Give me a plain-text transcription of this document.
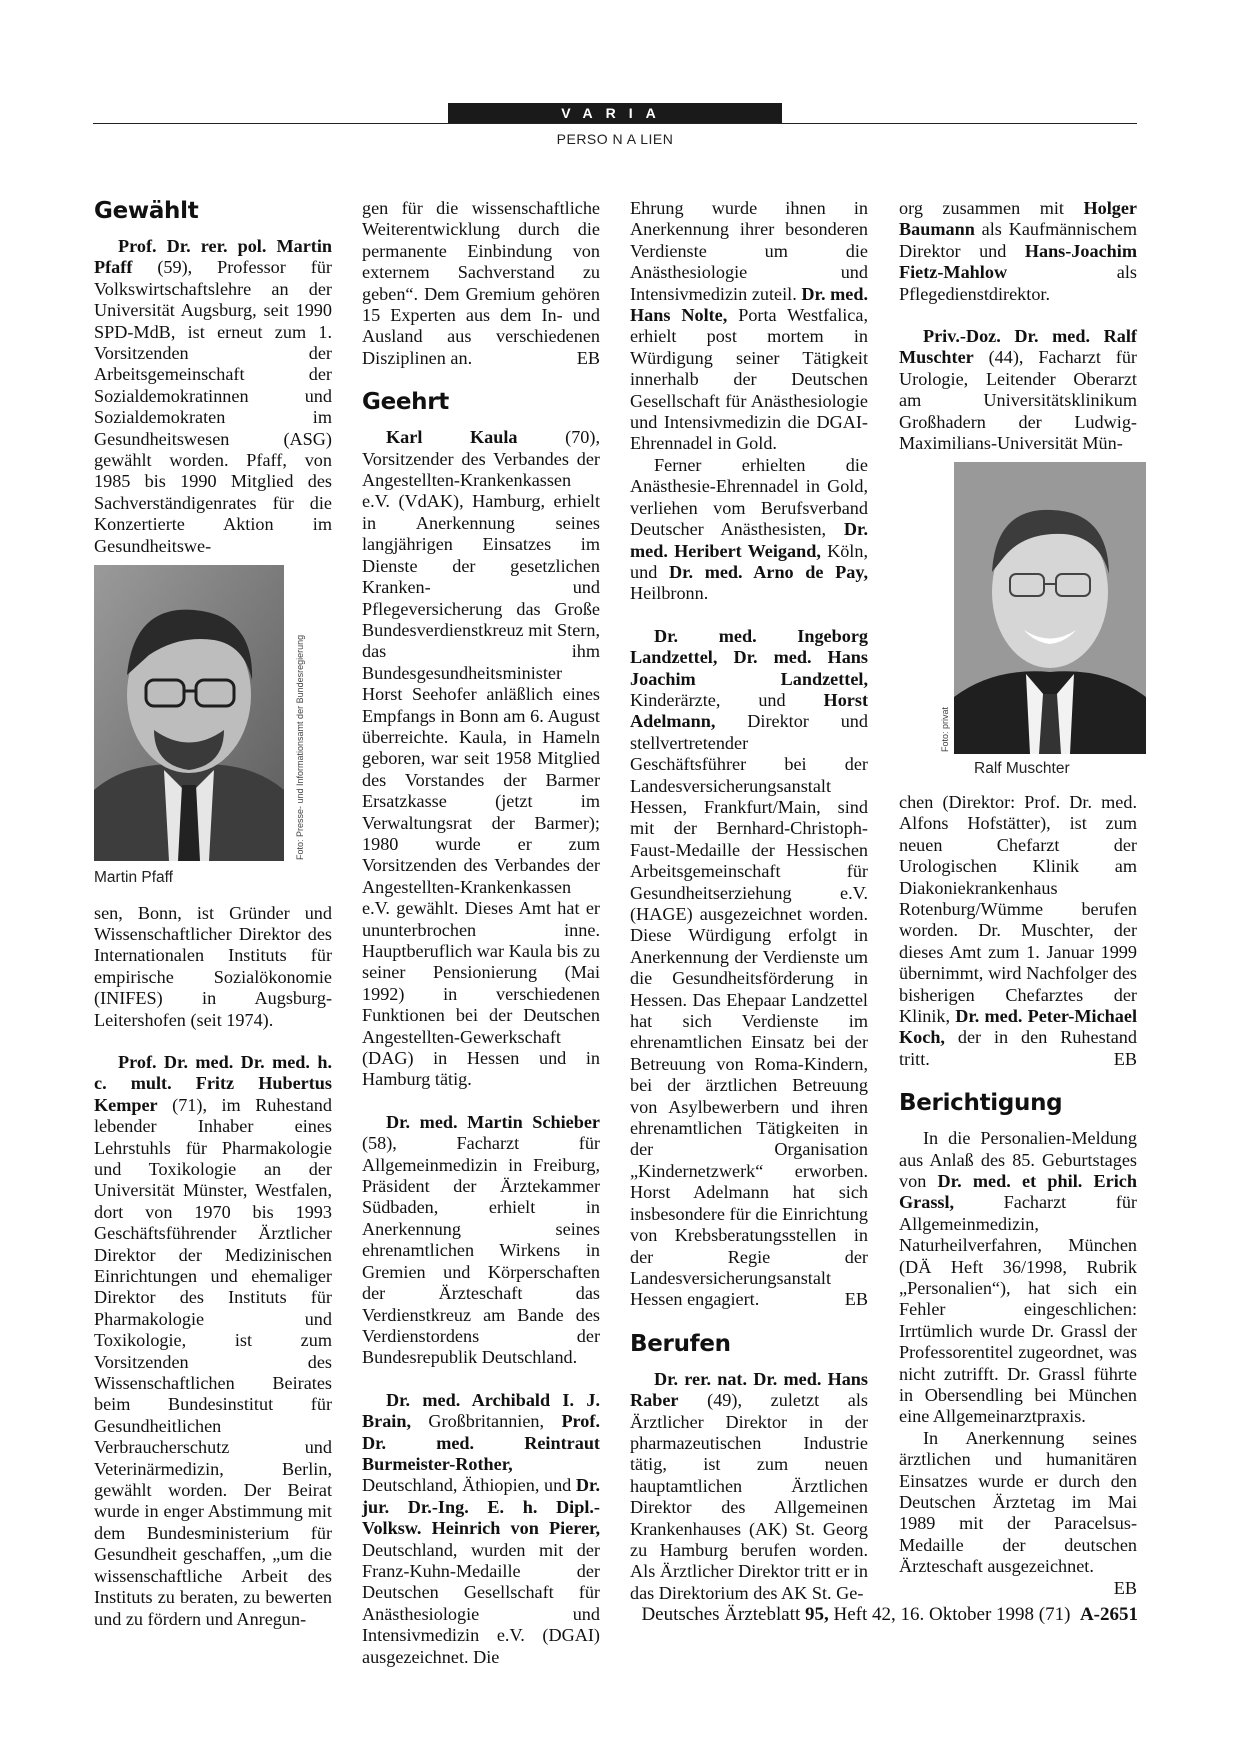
VARIA
PERSO N A LIEN
Gewählt

Prof. Dr. rer. pol. Martin Pfaff (59), Professor für Volkswirtschaftslehre an der Universität Augsburg, seit 1990 SPD-MdB, ist erneut zum 1. Vorsitzenden der Arbeitsgemeinschaft der Sozialdemokratinnen und Sozialdemokraten im Gesundheitswesen (ASG) gewählt worden. Pfaff, von 1985 bis 1990 Mitglied des Sachverständigenrates für die Konzertierte Aktion im Gesundheitswe-

Foto: Presse- und Informationsamt der Bundesregierung
Martin Pfaff

sen, Bonn, ist Gründer und Wissenschaftlicher Direktor des Internationalen Instituts für empirische Sozialökonomie (INIFES) in Augsburg-Leitershofen (seit 1974).

Prof. Dr. med. Dr. med. h. c. mult. Fritz Hubertus Kemper (71), im Ruhestand lebender Inhaber eines Lehrstuhls für Pharmakologie und Toxikologie an der Universität Münster, Westfalen, dort von 1970 bis 1993 Geschäftsführender Ärztlicher Direktor der Medizinischen Einrichtungen und ehemaliger Direktor des Instituts für Pharmakologie und Toxikologie, ist zum Vorsitzenden des Wissenschaftlichen Beirates beim Bundesinstitut für Gesundheitlichen Verbraucherschutz und Veterinärmedizin, Berlin, gewählt worden. Der Beirat wurde in enger Abstimmung mit dem Bundesministerium für Gesundheit geschaffen, „um die wissenschaftliche Arbeit des Instituts zu beraten, zu bewerten und zu fördern und Anregun-

gen für die wissenschaftliche Weiterentwicklung durch die permanente Einbindung von externem Sachverstand zu geben“. Dem Gremium gehören 15 Experten aus dem In- und Ausland aus verschiedenen Disziplinen an.	EB

Geehrt

Karl Kaula (70), Vorsitzender des Verbandes der Angestellten-Krankenkassen e.V. (VdAK), Hamburg, erhielt in Anerkennung seines langjährigen Einsatzes im Dienste der gesetzlichen Kranken- und Pflegeversicherung das Große Bundesverdienstkreuz mit Stern, das ihm Bundesgesundheitsminister Horst Seehofer anläßlich eines Empfangs in Bonn am 6. August überreichte. Kaula, in Hameln geboren, war seit 1958 Mitglied des Vorstandes der Barmer Ersatzkasse (jetzt im Verwaltungsrat der Barmer); 1980 wurde er zum Vorsitzenden des Verbandes der Angestellten-Krankenkassen e.V. gewählt. Dieses Amt hat er ununterbrochen inne. Hauptberuflich war Kaula bis zu seiner Pensionierung (Mai 1992) in verschiedenen Funktionen bei der Deutschen Angestellten-Gewerkschaft (DAG) in Hessen und in Hamburg tätig.

Dr. med. Martin Schieber (58), Facharzt für Allgemeinmedizin in Freiburg, Präsident der Ärztekammer Südbaden, erhielt in Anerkennung seines ehrenamtlichen Wirkens in Gremien und Körperschaften der Ärzteschaft das Verdienstkreuz am Bande des Verdienstordens der Bundesrepublik Deutschland.

Dr. med. Archibald I. J. Brain, Großbritannien, Prof. Dr. med. Reintraut Burmeister-Rother, Deutschland, Äthiopien, und Dr. jur. Dr.-Ing. E. h. Dipl.-Volksw. Heinrich von Pierer, Deutschland, wurden mit der Franz-Kuhn-Medaille der Deutschen Gesellschaft für Anästhesiologie und Intensivmedizin e.V. (DGAI) ausgezeichnet. Die

Ehrung wurde ihnen in Anerkennung ihrer besonderen Verdienste um die Anästhesiologie und Intensivmedizin zuteil. Dr. med. Hans Nolte, Porta Westfalica, erhielt post mortem in Würdigung seiner Tätigkeit innerhalb der Deutschen Gesellschaft für Anästhesiologie und Intensivmedizin die DGAI-Ehrennadel in Gold.

Ferner erhielten die Anästhesie-Ehrennadel in Gold, verliehen vom Berufsverband Deutscher Anästhesisten, Dr. med. Heribert Weigand, Köln, und Dr. med. Arno de Pay, Heilbronn.

Dr. med. Ingeborg Landzettel, Dr. med. Hans Joachim Landzettel, Kinderärzte, und Horst Adelmann, Direktor und stellvertretender Geschäftsführer bei der Landesversicherungsanstalt Hessen, Frankfurt/Main, sind mit der Bernhard-Christoph-Faust-Medaille der Hessischen Arbeitsgemeinschaft für Gesundheitserziehung e.V. (HAGE) ausgezeichnet worden. Diese Würdigung erfolgt in Anerkennung der Verdienste um die Gesundheitsförderung in Hessen. Das Ehepaar Landzettel hat sich Verdienste im ehrenamtlichen Einsatz bei der Betreuung von Roma-Kindern, bei der ärztlichen Betreuung von Asylbewerbern und ihren ehrenamtlichen Tätigkeiten in der Organisation „Kindernetzwerk“ erworben. Horst Adelmann hat sich insbesondere für die Einrichtung von Krebsberatungsstellen in der Regie der Landesversicherungsanstalt Hessen engagiert.	EB

Berufen

Dr. rer. nat. Dr. med. Hans Raber (49), zuletzt als Ärztlicher Direktor in der pharmazeutischen Industrie tätig, ist zum neuen hauptamtlichen Ärztlichen Direktor des Allgemeinen Krankenhauses (AK) St. Georg zu Hamburg berufen worden. Als Ärztlicher Direktor tritt er in das Direktorium des AK St. Ge-

org zusammen mit Holger Baumann als Kaufmännischem Direktor und Hans-Joachim Fietz-Mahlow als Pflegedienstdirektor.

Priv.-Doz. Dr. med. Ralf Muschter (44), Facharzt für Urologie, Leitender Oberarzt am Universitätsklinikum Großhadern der Ludwig-Maximilians-Universität Mün-

Foto: privat
Ralf Muschter

chen (Direktor: Prof. Dr. med. Alfons Hofstätter), ist zum neuen Chefarzt der Urologischen Klinik am Diakoniekrankenhaus Rotenburg/Wümme berufen worden. Dr. Muschter, der dieses Amt zum 1. Januar 1999 übernimmt, wird Nachfolger des bisherigen Chefarztes der Klinik, Dr. med. Peter-Michael Koch, der in den Ruhestand tritt.	EB

Berichtigung

In die Personalien-Meldung aus Anlaß des 85. Geburtstages von Dr. med. et phil. Erich Grassl, Facharzt für Allgemeinmedizin, Naturheilverfahren, München (DÄ Heft 36/1998, Rubrik „Personalien“), hat sich ein Fehler eingeschlichen: Irrtümlich wurde Dr. Grassl der Professorentitel zugeordnet, was nicht zutrifft. Dr. Grassl führte in Obersendling bei München eine Allgemeinarztpraxis.

In Anerkennung seines ärztlichen und humanitären Einsatzes wurde er durch den Deutschen Ärztetag im Mai 1989 mit der Paracelsus-Medaille der deutschen Ärzteschaft ausgezeichnet.
EB

Deutsches Ärzteblatt 95, Heft 42, 16. Oktober 1998 (71)  A-2651
